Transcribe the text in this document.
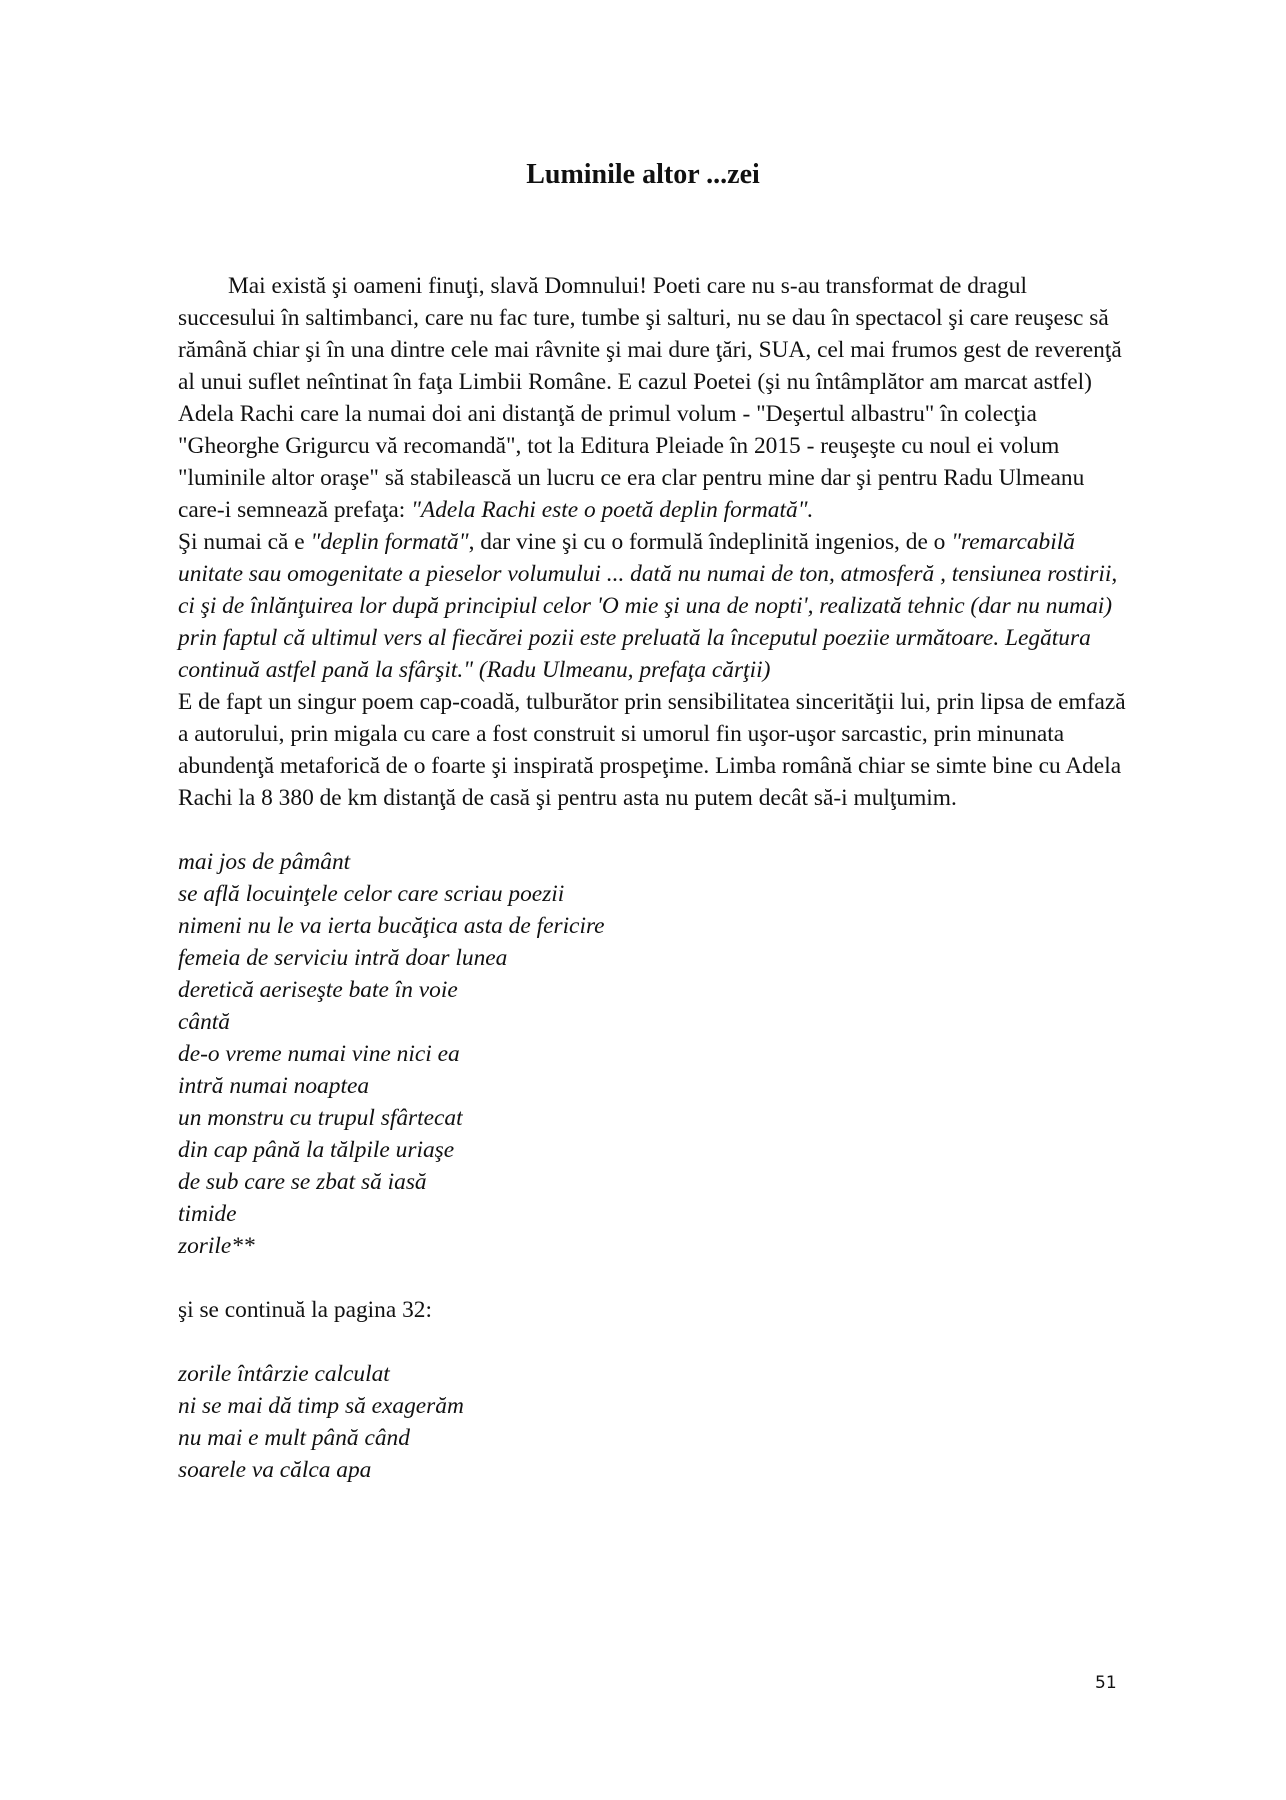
Luminile altor ...zei

Mai există şi oameni finuţi, slavă Domnului! Poeti care nu s-au transformat de dragul succesului în saltimbanci, care nu fac ture, tumbe şi salturi, nu se dau în spectacol şi care reuşesc să rămână chiar şi în una dintre cele mai râvnite şi mai dure ţări, SUA, cel mai frumos gest de reverenţă al unui suflet neîntinat în faţa Limbii Române. E cazul Poetei (şi nu întâmplător am marcat astfel) Adela Rachi care la numai doi ani distanţă de primul volum - "Deşertul albastru" în colecţia "Gheorghe Grigurcu vă recomandă", tot la Editura Pleiade în 2015 - reuşeşte cu noul ei volum "luminile altor oraşe" să stabilească un lucru ce era clar pentru mine dar şi pentru Radu Ulmeanu care-i semnează prefaţa: "Adela Rachi este o poetă deplin formată".

Şi numai că e "deplin formată", dar vine şi cu o formulă îndeplinită ingenios, de o "remarcabilă unitate sau omogenitate a pieselor volumului ... dată nu numai de ton, atmosferă , tensiunea rostirii, ci şi de înlănţuirea lor după principiul celor 'O mie şi una de nopti', realizată tehnic (dar nu numai) prin faptul că ultimul vers al fiecărei pozii este preluată la începutul poeziie următoare. Legătura continuă astfel pană la sfârşit." (Radu Ulmeanu, prefaţa cărţii)

E de fapt un singur poem cap-coadă, tulburător prin sensibilitatea sincerităţii lui, prin lipsa de emfază a autorului, prin migala cu care a fost construit si umorul fin uşor-uşor sarcastic, prin minunata abundenţă metaforică de o foarte şi inspirată prospeţime. Limba română chiar se simte bine cu Adela Rachi la 8 380 de km distanţă de casă şi pentru asta nu putem decât să-i mulţumim.

mai jos de pâmânt

se află locuinţele celor care scriau poezii

nimeni nu le va ierta bucăţica asta de fericire

femeia de serviciu intră doar lunea

deretică aeriseşte bate în voie

cântă

de-o vreme numai vine nici ea

intră numai noaptea

un monstru cu trupul sfârtecat

din cap până la tălpile uriaşe

de sub care se zbat să iasă

timide

zorile**

şi se continuă la pagina 32:

zorile întârzie calculat

ni se mai dă timp să exagerăm

nu mai e mult până când

soarele va călca apa

51
